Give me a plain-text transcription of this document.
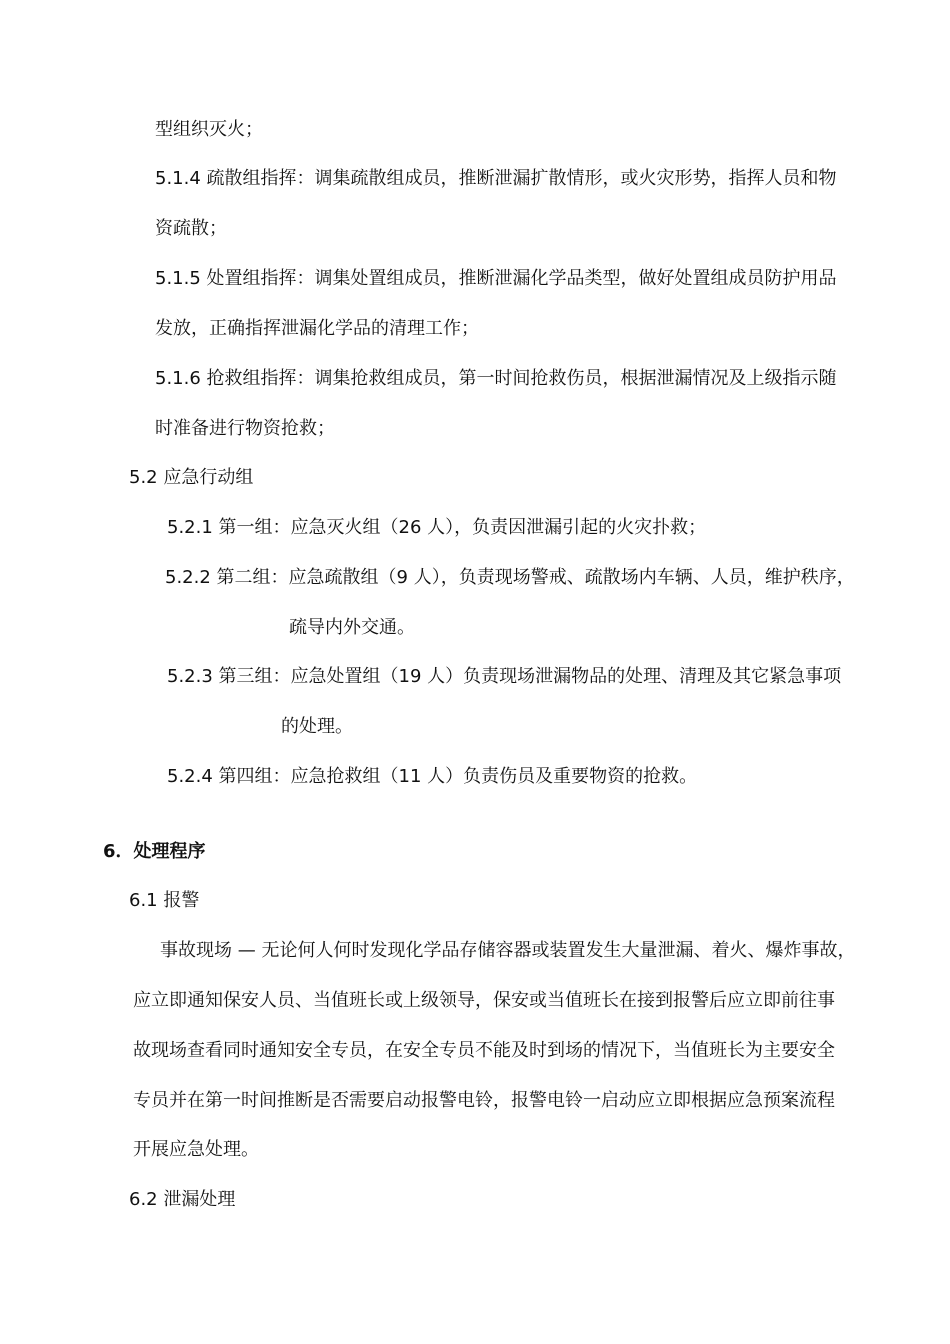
型组织灭火；
5.1.4 疏散组指挥：调集疏散组成员，推断泄漏扩散情形，或火灾形势，指挥人员和物
资疏散；
5.1.5 处置组指挥：调集处置组成员，推断泄漏化学品类型，做好处置组成员防护用品
发放，正确指挥泄漏化学品的清理工作；
5.1.6 抢救组指挥：调集抢救组成员，第一时间抢救伤员，根据泄漏情况及上级指示随
时准备进行物资抢救；
5.2 应急行动组
5.2.1 第一组：应急灭火组（26 人），负责因泄漏引起的火灾扑救；
5.2.2 第二组：应急疏散组（9 人），负责现场警戒、疏散场内车辆、人员，维护秩序，
疏导内外交通。
5.2.3 第三组：应急处置组（19 人）负责现场泄漏物品的处理、清理及其它紧急事项
的处理。
5.2.4 第四组：应急抢救组（11 人）负责伤员及重要物资的抢救。
6．处理程序
6.1 报警
事故现场 — 无论何人何时发现化学品存储容器或装置发生大量泄漏、着火、爆炸事故，
应立即通知保安人员、当值班长或上级领导，保安或当值班长在接到报警后应立即前往事
故现场查看同时通知安全专员，在安全专员不能及时到场的情况下，当值班长为主要安全
专员并在第一时间推断是否需要启动报警电铃，报警电铃一启动应立即根据应急预案流程
开展应急处理。
6.2 泄漏处理
